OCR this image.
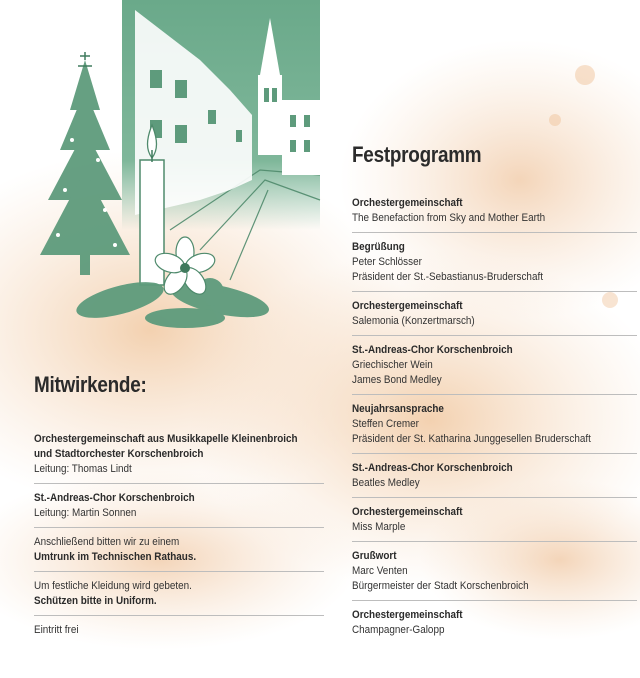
Festprogramm
Orchestergemeinschaft
The Benefaction from Sky and Mother Earth
Begrüßung
Peter Schlösser
Präsident der St.-Sebastianus-Bruderschaft
Orchestergemeinschaft
Salemonia (Konzertmarsch)
St.-Andreas-Chor Korschenbroich
Griechischer Wein
James Bond Medley
Neujahrsansprache
Steffen Cremer
Präsident der St. Katharina Junggesellen Bruderschaft
St.-Andreas-Chor Korschenbroich
Beatles Medley
Orchestergemeinschaft
Miss Marple
Grußwort
Marc Venten
Bürgermeister der Stadt Korschenbroich
Orchestergemeinschaft
Champagner-Galopp
Mitwirkende:
Orchestergemeinschaft aus Musikkapelle Kleinenbroich
und Stadtorchester Korschenbroich
Leitung: Thomas Lindt
St.-Andreas-Chor Korschenbroich
Leitung: Martin Sonnen
Anschließend bitten wir zu einem
Umtrunk im Technischen Rathaus.
Um festliche Kleidung wird gebeten.
Schützen bitte in Uniform.
Eintritt frei
